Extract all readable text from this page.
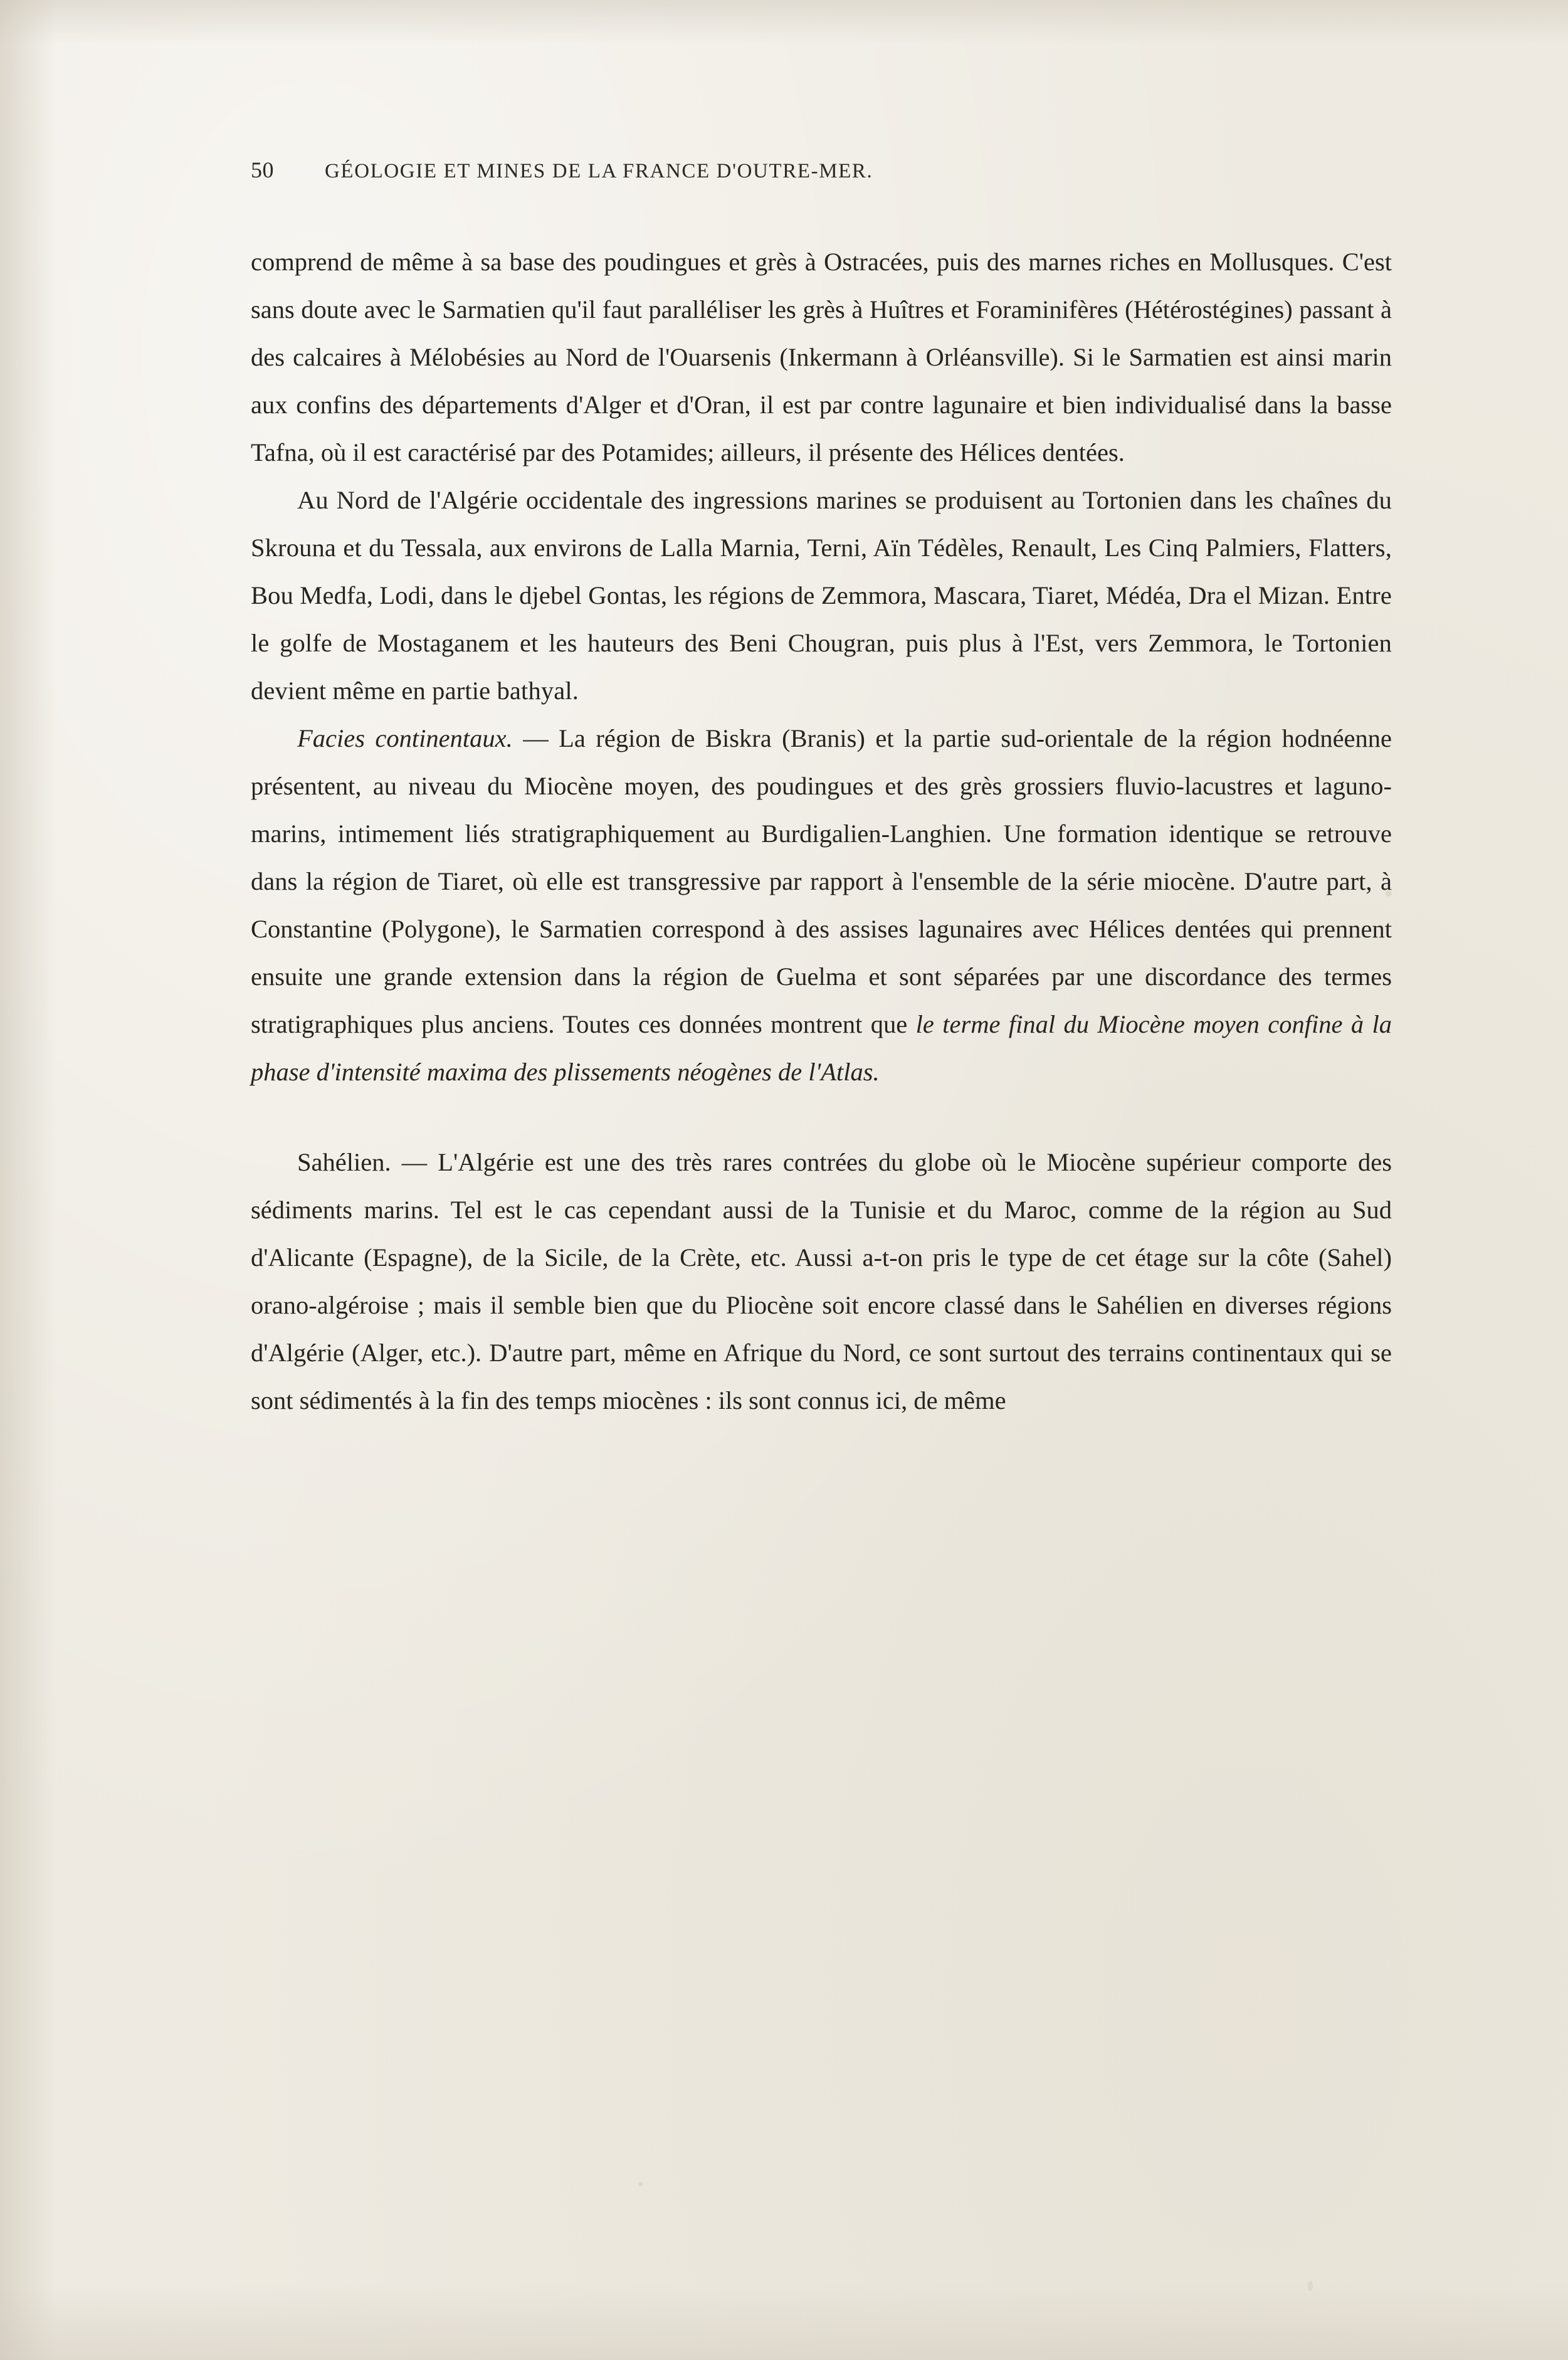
50	GÉOLOGIE ET MINES DE LA FRANCE D'OUTRE-MER.

comprend de même à sa base des poudingues et grès à Ostracées, puis des marnes riches en Mollusques. C'est sans doute avec le Sarmatien qu'il faut paralléliser les grès à Huîtres et Foraminifères (Hétérostégines) passant à des calcaires à Mélobésies au Nord de l'Ouarsenis (Inkermann à Orléansville). Si le Sarmatien est ainsi marin aux confins des départements d'Alger et d'Oran, il est par contre lagunaire et bien individualisé dans la basse Tafna, où il est caractérisé par des Potamides; ailleurs, il présente des Hélices dentées.

Au Nord de l'Algérie occidentale des ingressions marines se produisent au Tortonien dans les chaînes du Skrouna et du Tessala, aux environs de Lalla Marnia, Terni, Aïn Tédèles, Renault, Les Cinq Palmiers, Flatters, Bou Medfa, Lodi, dans le djebel Gontas, les régions de Zemmora, Mascara, Tiaret, Médéa, Dra el Mizan. Entre le golfe de Mostaganem et les hauteurs des Beni Chougran, puis plus à l'Est, vers Zemmora, le Tortonien devient même en partie bathyal.

Facies continentaux. — La région de Biskra (Branis) et la partie sud-orientale de la région hodnéenne présentent, au niveau du Miocène moyen, des poudingues et des grès grossiers fluvio-lacustres et laguno-marins, intimement liés stratigraphiquement au Burdigalien-Langhien. Une formation identique se retrouve dans la région de Tiaret, où elle est transgressive par rapport à l'ensemble de la série miocène. D'autre part, à Constantine (Polygone), le Sarmatien correspond à des assises lagunaires avec Hélices dentées qui prennent ensuite une grande extension dans la région de Guelma et sont séparées par une discordance des termes stratigraphiques plus anciens. Toutes ces données montrent que le terme final du Miocène moyen confine à la phase d'intensité maxima des plissements néogènes de l'Atlas.

Sahélien. — L'Algérie est une des très rares contrées du globe où le Miocène supérieur comporte des sédiments marins. Tel est le cas cependant aussi de la Tunisie et du Maroc, comme de la région au Sud d'Alicante (Espagne), de la Sicile, de la Crète, etc. Aussi a-t-on pris le type de cet étage sur la côte (Sahel) orano-algéroise ; mais il semble bien que du Pliocène soit encore classé dans le Sahélien en diverses régions d'Algérie (Alger, etc.). D'autre part, même en Afrique du Nord, ce sont surtout des terrains continentaux qui se sont sédimentés à la fin des temps miocènes : ils sont connus ici, de même
